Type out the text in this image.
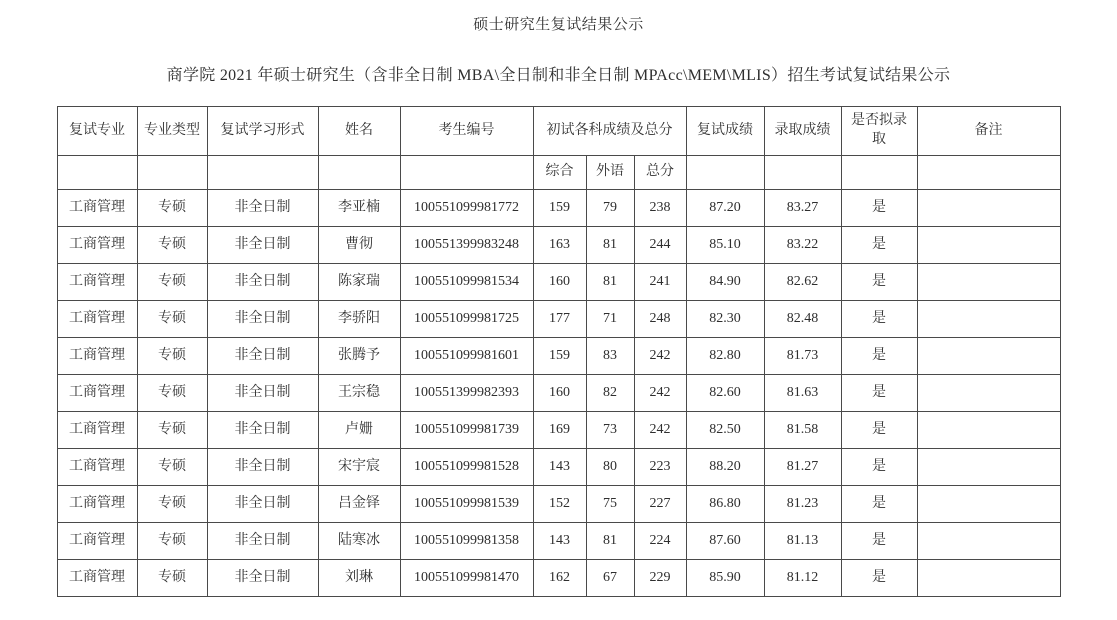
硕士研究生复试结果公示
商学院 2021 年硕士研究生（含非全日制 MBA\全日制和非全日制 MPAcc\MEM\MLIS）招生考试复试结果公示
复试专业	专业类型	复试学习形式	姓名	考生编号	初试各科成绩及总分			复试成绩	录取成绩	是否拟录取	备注
					综合	外语	总分				
工商管理	专硕	非全日制	李亚楠	100551099981772	159	79	238	87.20	83.27	是	
工商管理	专硕	非全日制	曹彻	100551399983248	163	81	244	85.10	83.22	是	
工商管理	专硕	非全日制	陈家瑞	100551099981534	160	81	241	84.90	82.62	是	
工商管理	专硕	非全日制	李骄阳	100551099981725	177	71	248	82.30	82.48	是	
工商管理	专硕	非全日制	张腾予	100551099981601	159	83	242	82.80	81.73	是	
工商管理	专硕	非全日制	王宗稳	100551399982393	160	82	242	82.60	81.63	是	
工商管理	专硕	非全日制	卢姗	100551099981739	169	73	242	82.50	81.58	是	
工商管理	专硕	非全日制	宋宇宸	100551099981528	143	80	223	88.20	81.27	是	
工商管理	专硕	非全日制	吕金铎	100551099981539	152	75	227	86.80	81.23	是	
工商管理	专硕	非全日制	陆寒冰	100551099981358	143	81	224	87.60	81.13	是	
工商管理	专硕	非全日制	刘琳	100551099981470	162	67	229	85.90	81.12	是	
